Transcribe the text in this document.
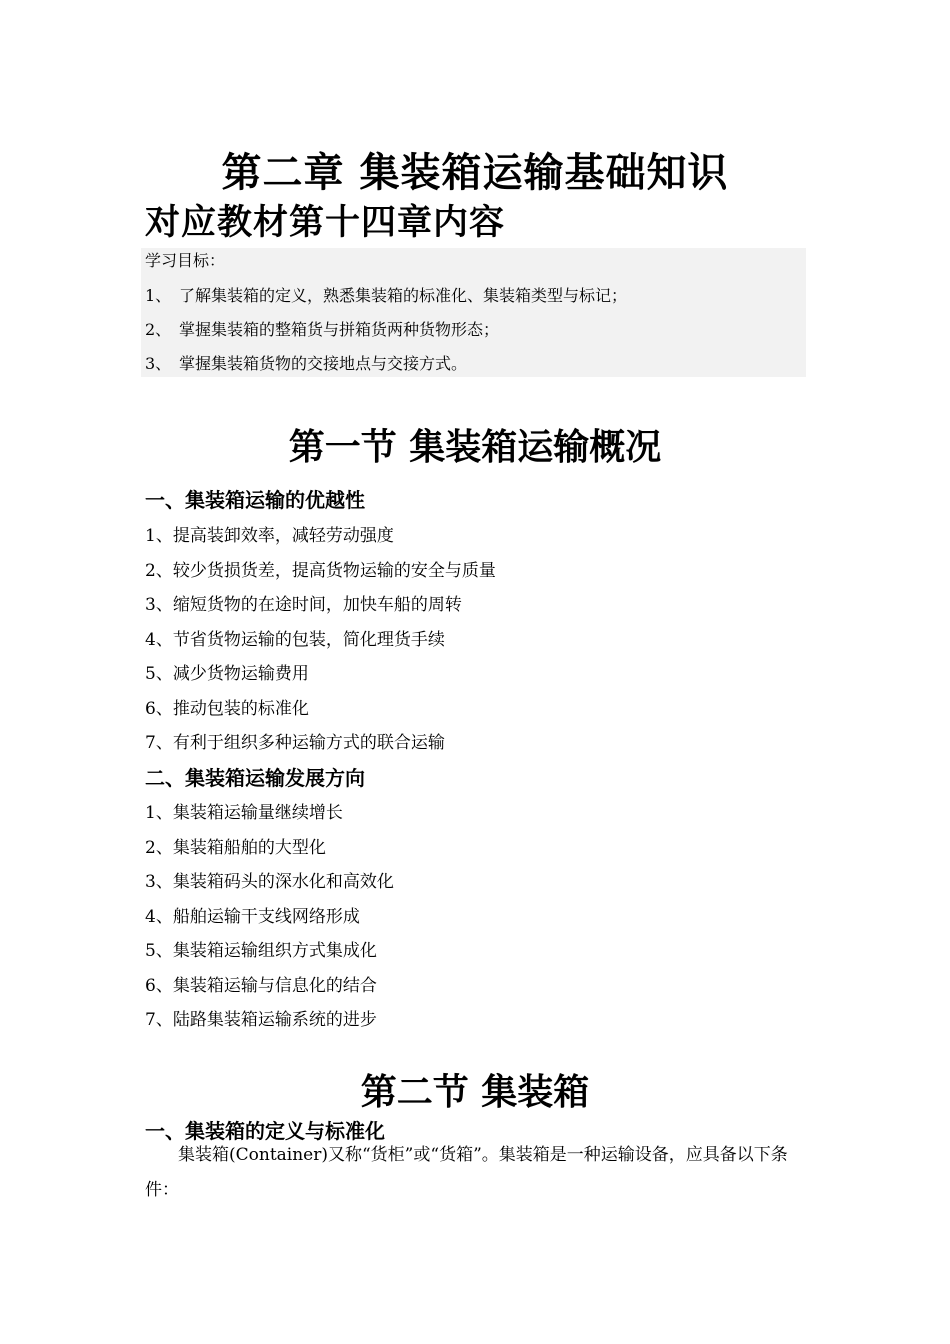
第二章 集装箱运输基础知识
对应教材第十四章内容
学习目标：
1、 了解集装箱的定义，熟悉集装箱的标准化、集装箱类型与标记；
2、 掌握集装箱的整箱货与拼箱货两种货物形态；
3、 掌握集装箱货物的交接地点与交接方式。
第一节 集装箱运输概况
一、集装箱运输的优越性
1、提高装卸效率，减轻劳动强度
2、较少货损货差，提高货物运输的安全与质量
3、缩短货物的在途时间，加快车船的周转
4、节省货物运输的包装，简化理货手续
5、减少货物运输费用
6、推动包装的标准化
7、有利于组织多种运输方式的联合运输
二、集装箱运输发展方向
1、集装箱运输量继续增长
2、集装箱船舶的大型化
3、集装箱码头的深水化和高效化
4、船舶运输干支线网络形成
5、集装箱运输组织方式集成化
6、集装箱运输与信息化的结合
7、陆路集装箱运输系统的进步
第二节 集装箱
一、集装箱的定义与标准化
集装箱(Container)又称“货柜”或“货箱”。集装箱是一种运输设备，应具备以下条件：
